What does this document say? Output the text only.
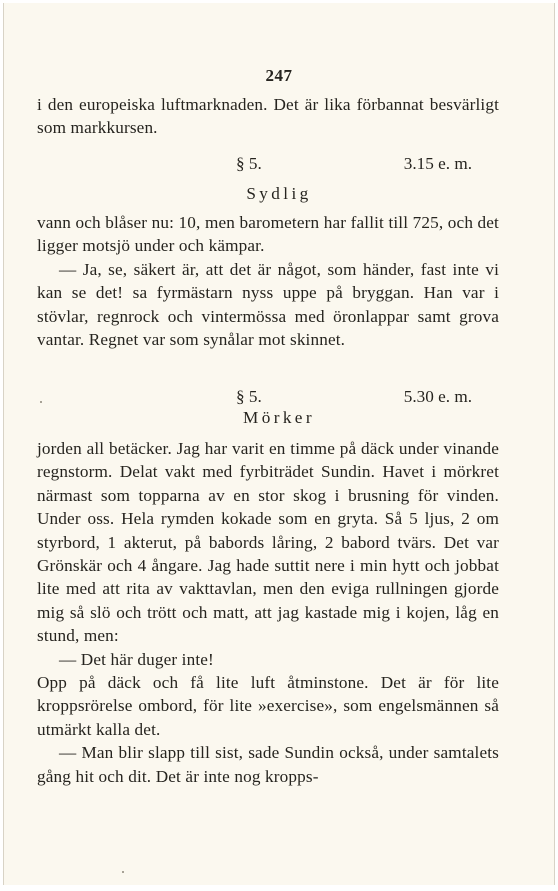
247

i den europeiska luftmarknaden. Det är lika förbannat besvärligt som markkursen.

§ 5.	3.15 e. m.
Sydlig

vann och blåser nu: 10, men barometern har fallit till 725, och det ligger motsjö under och kämpar.

— Ja, se, säkert är, att det är något, som händer, fast inte vi kan se det! sa fyrmästarn nyss uppe på bryggan. Han var i stövlar, regnrock och vintermössa med öronlappar samt grova vantar. Regnet var som synålar mot skinnet.

§ 5.	5.30 e. m.
Mörker

jorden all betäcker. Jag har varit en timme på däck under vinande regnstorm. Delat vakt med fyrbiträdet Sundin. Havet i mörkret närmast som topparna av en stor skog i brusning för vinden. Under oss. Hela rymden kokade som en gryta. Så 5 ljus, 2 om styrbord, 1 akterut, på babords låring, 2 babord tvärs. Det var Grönskär och 4 ångare. Jag hade suttit nere i min hytt och jobbat lite med att rita av vakttavlan, men den eviga rullningen gjorde mig så slö och trött och matt, att jag kastade mig i kojen, låg en stund, men:

— Det här duger inte!

Opp på däck och få lite luft åtminstone. Det är för lite kroppsrörelse ombord, för lite »exercise», som engelsmännen så utmärkt kalla det.

— Man blir slapp till sist, sade Sundin också, under samtalets gång hit och dit. Det är inte nog kropps-
